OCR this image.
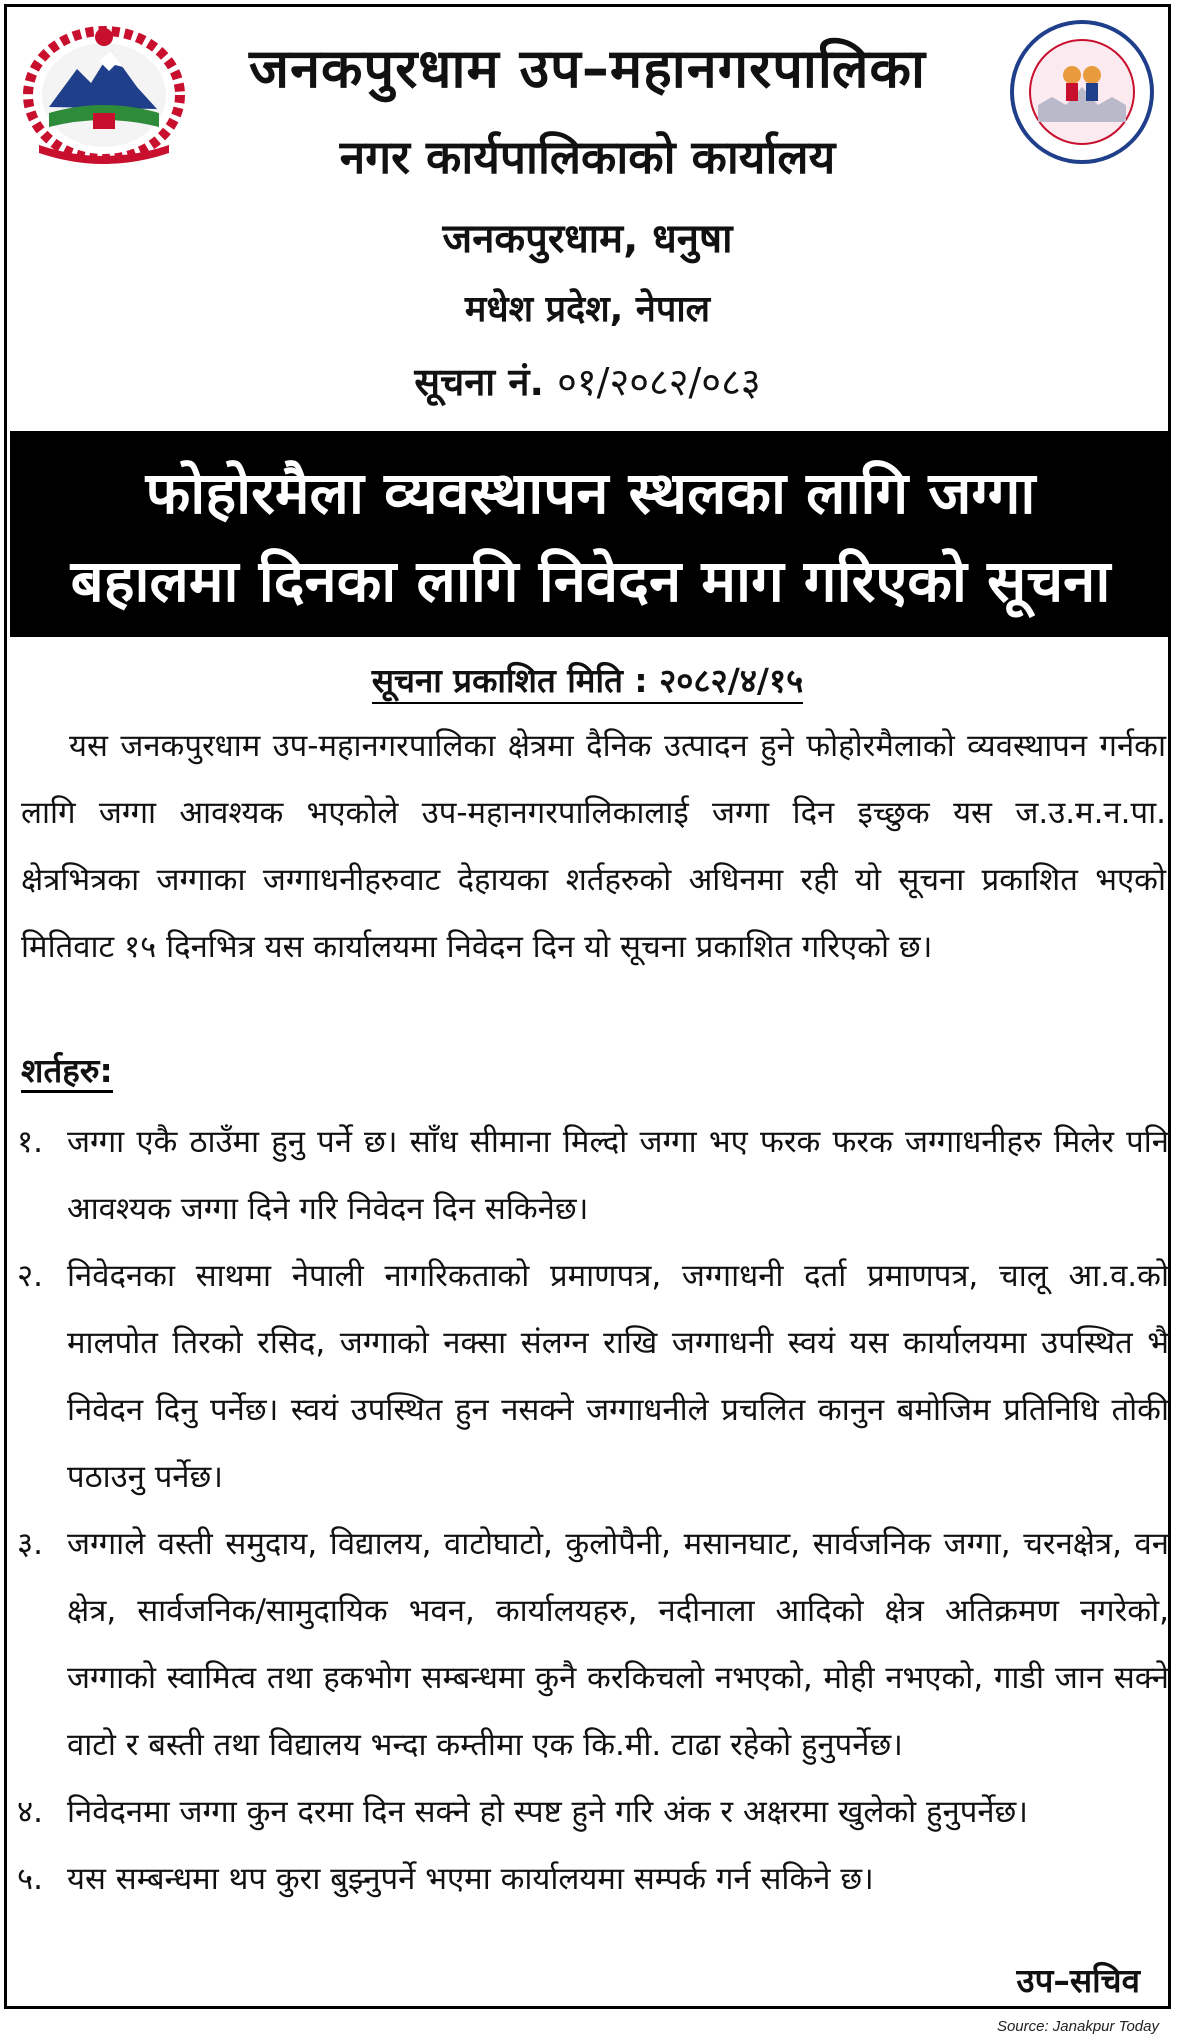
जनकपुरधाम उप–महानगरपालिका
नगर कार्यपालिकाको कार्यालय
जनकपुरधाम, धनुषा
मधेश प्रदेश, नेपाल
सूचना नं. ०१/२०८२/०८३
फोहोरमैला व्यवस्थापन स्थलका लागि जग्गा
बहालमा दिनका लागि निवेदन माग गरिएको सूचना
सूचना प्रकाशित मिति : २०८२/४/१५
यस जनकपुरधाम उप-महानगरपालिका क्षेत्रमा दैनिक उत्पादन हुने फोहोरमैलाको व्यवस्थापन गर्नका लागि जग्गा आवश्यक भएकोले उप-महानगरपालिकालाई जग्गा दिन इच्छुक यस ज.उ.म.न.पा. क्षेत्रभित्रका जग्गाका जग्गाधनीहरुवाट देहायका शर्तहरुको अधिनमा रही यो सूचना प्रकाशित भएको मितिवाट १५ दिनभित्र यस कार्यालयमा निवेदन दिन यो सूचना प्रकाशित गरिएको छ।
शर्तहरु:
१. जग्गा एकै ठाउँमा हुनु पर्ने छ। साँध सीमाना मिल्दो जग्गा भए फरक फरक जग्गाधनीहरु मिलेर पनि आवश्यक जग्गा दिने गरि निवेदन दिन सकिनेछ।
२. निवेदनका साथमा नेपाली नागरिकताको प्रमाणपत्र, जग्गाधनी दर्ता प्रमाणपत्र, चालू आ.व.को मालपोत तिरको रसिद, जग्गाको नक्सा संलग्न राखि जग्गाधनी स्वयं यस कार्यालयमा उपस्थित भै निवेदन दिनु पर्नेछ। स्वयं उपस्थित हुन नसक्ने जग्गाधनीले प्रचलित कानुन बमोजिम प्रतिनिधि तोकी पठाउनु पर्नेछ।
३. जग्गाले वस्ती समुदाय, विद्यालय, वाटोघाटो, कुलोपैनी, मसानघाट, सार्वजनिक जग्गा, चरनक्षेत्र, वन क्षेत्र, सार्वजनिक/सामुदायिक भवन, कार्यालयहरु, नदीनाला आदिको क्षेत्र अतिक्रमण नगरेको, जग्गाको स्वामित्व तथा हकभोग सम्बन्धमा कुनै करकिचलो नभएको, मोही नभएको, गाडी जान सक्ने वाटो र बस्ती तथा विद्यालय भन्दा कम्तीमा एक कि.मी. टाढा रहेको हुनुपर्नेछ।
४. निवेदनमा जग्गा कुन दरमा दिन सक्ने हो स्पष्ट हुने गरि अंक र अक्षरमा खुलेको हुनुपर्नेछ।
५. यस सम्बन्धमा थप कुरा बुझ्नुपर्ने भएमा कार्यालयमा सम्पर्क गर्न सकिने छ।
उप–सचिव
Source: Janakpur Today
